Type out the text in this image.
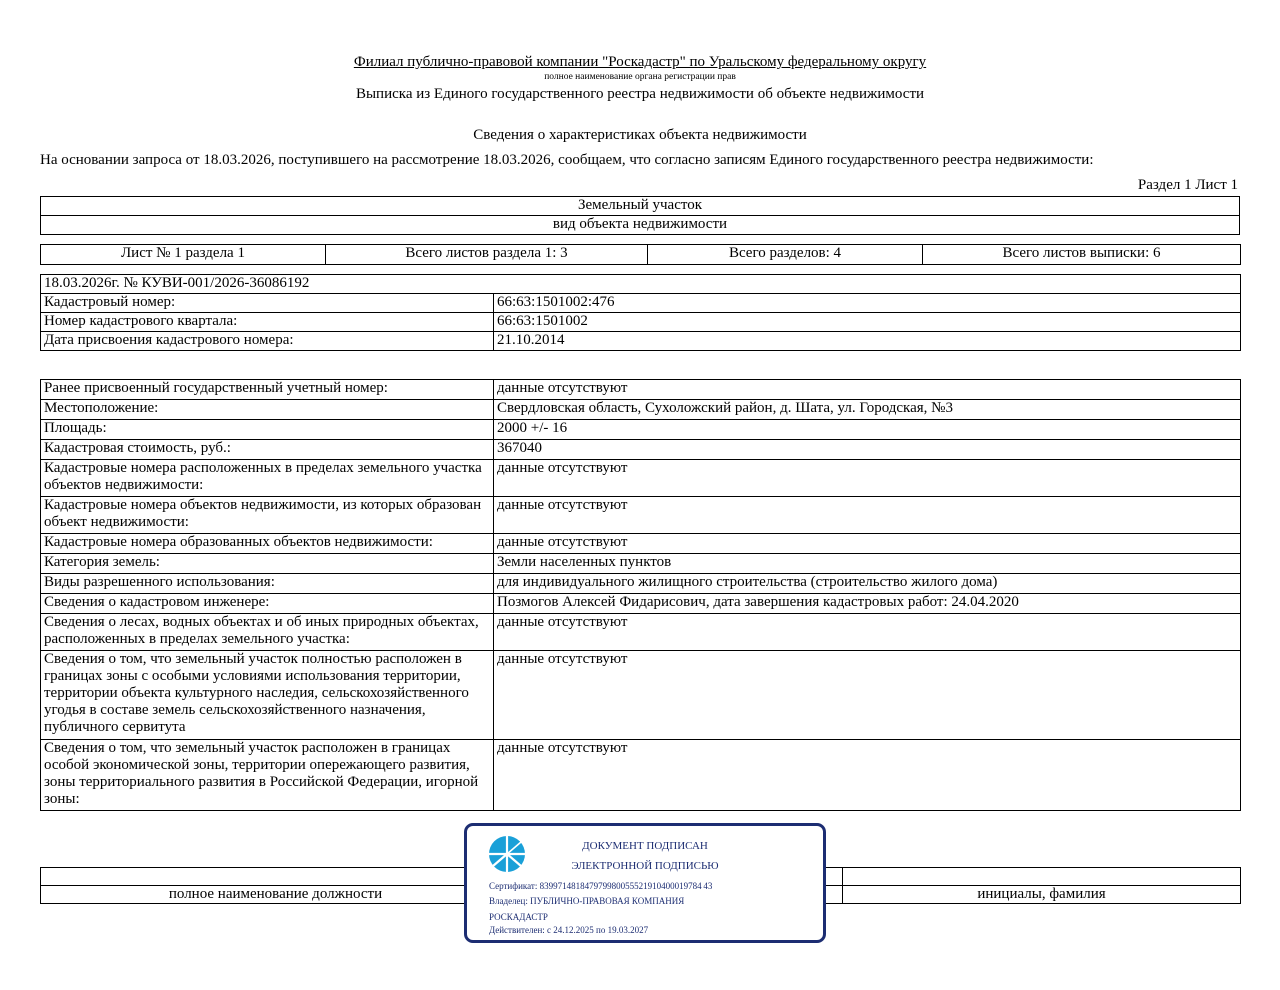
Филиал публично-правовой компании "Роскадастр" по Уральскому федеральному округу
полное наименование органа регистрации прав
Выписка из Единого государственного реестра недвижимости об объекте недвижимости
Сведения о характеристиках объекта недвижимости
На основании запроса от 18.03.2026, поступившего на рассмотрение 18.03.2026, сообщаем, что согласно записям Единого государственного реестра недвижимости:
Раздел 1 Лист 1
Земельный участок
вид объекта недвижимости
Лист № 1 раздела 1	Всего листов раздела 1: 3	Всего разделов: 4	Всего листов выписки: 6
18.03.2026г. № КУВИ-001/2026-36086192	
Кадастровый номер:	66:63:1501002:476
Номер кадастрового квартала:	66:63:1501002
Дата присвоения кадастрового номера:	21.10.2014
Ранее присвоенный государственный учетный номер:	данные отсутствуют
Местоположение:	Свердловская область, Сухоложский район, д. Шата, ул. Городская, №3
Площадь:	2000 +/- 16
Кадастровая стоимость, руб.:	367040
Кадастровые номера расположенных в пределах земельного участка объектов недвижимости:	данные отсутствуют
Кадастровые номера объектов недвижимости, из которых образован объект недвижимости:	данные отсутствуют
Кадастровые номера образованных объектов недвижимости:	данные отсутствуют
Категория земель:	Земли населенных пунктов
Виды разрешенного использования:	для индивидуального жилищного строительства (строительство жилого дома)
Сведения о кадастровом инженере:	Позмогов Алексей Фидарисович, дата завершения кадастровых работ: 24.04.2020
Сведения о лесах, водных объектах и об иных природных объектах, расположенных в пределах земельного участка:	данные отсутствуют
Сведения о том, что земельный участок полностью расположен в границах зоны с особыми условиями использования территории, территории объекта культурного наследия, сельскохозяйственного угодья в составе земель сельскохозяйственного назначения, публичного сервитута	данные отсутствуют
Сведения о том, что земельный участок расположен в границах особой экономической зоны, территории опережающего развития, зоны территориального развития в Российской Федерации, игорной зоны:	данные отсутствуют

полное наименование должности		инициалы, фамилия
ДОКУМЕНТ ПОДПИСАН
ЭЛЕКТРОННОЙ ПОДПИСЬЮ
Сертификат: 839971481847979980055521910400019784 43
Владелец: ПУБЛИЧНО-ПРАВОВАЯ КОМПАНИЯ
РОСКАДАСТР
Действителен: с 24.12.2025 по 19.03.2027
